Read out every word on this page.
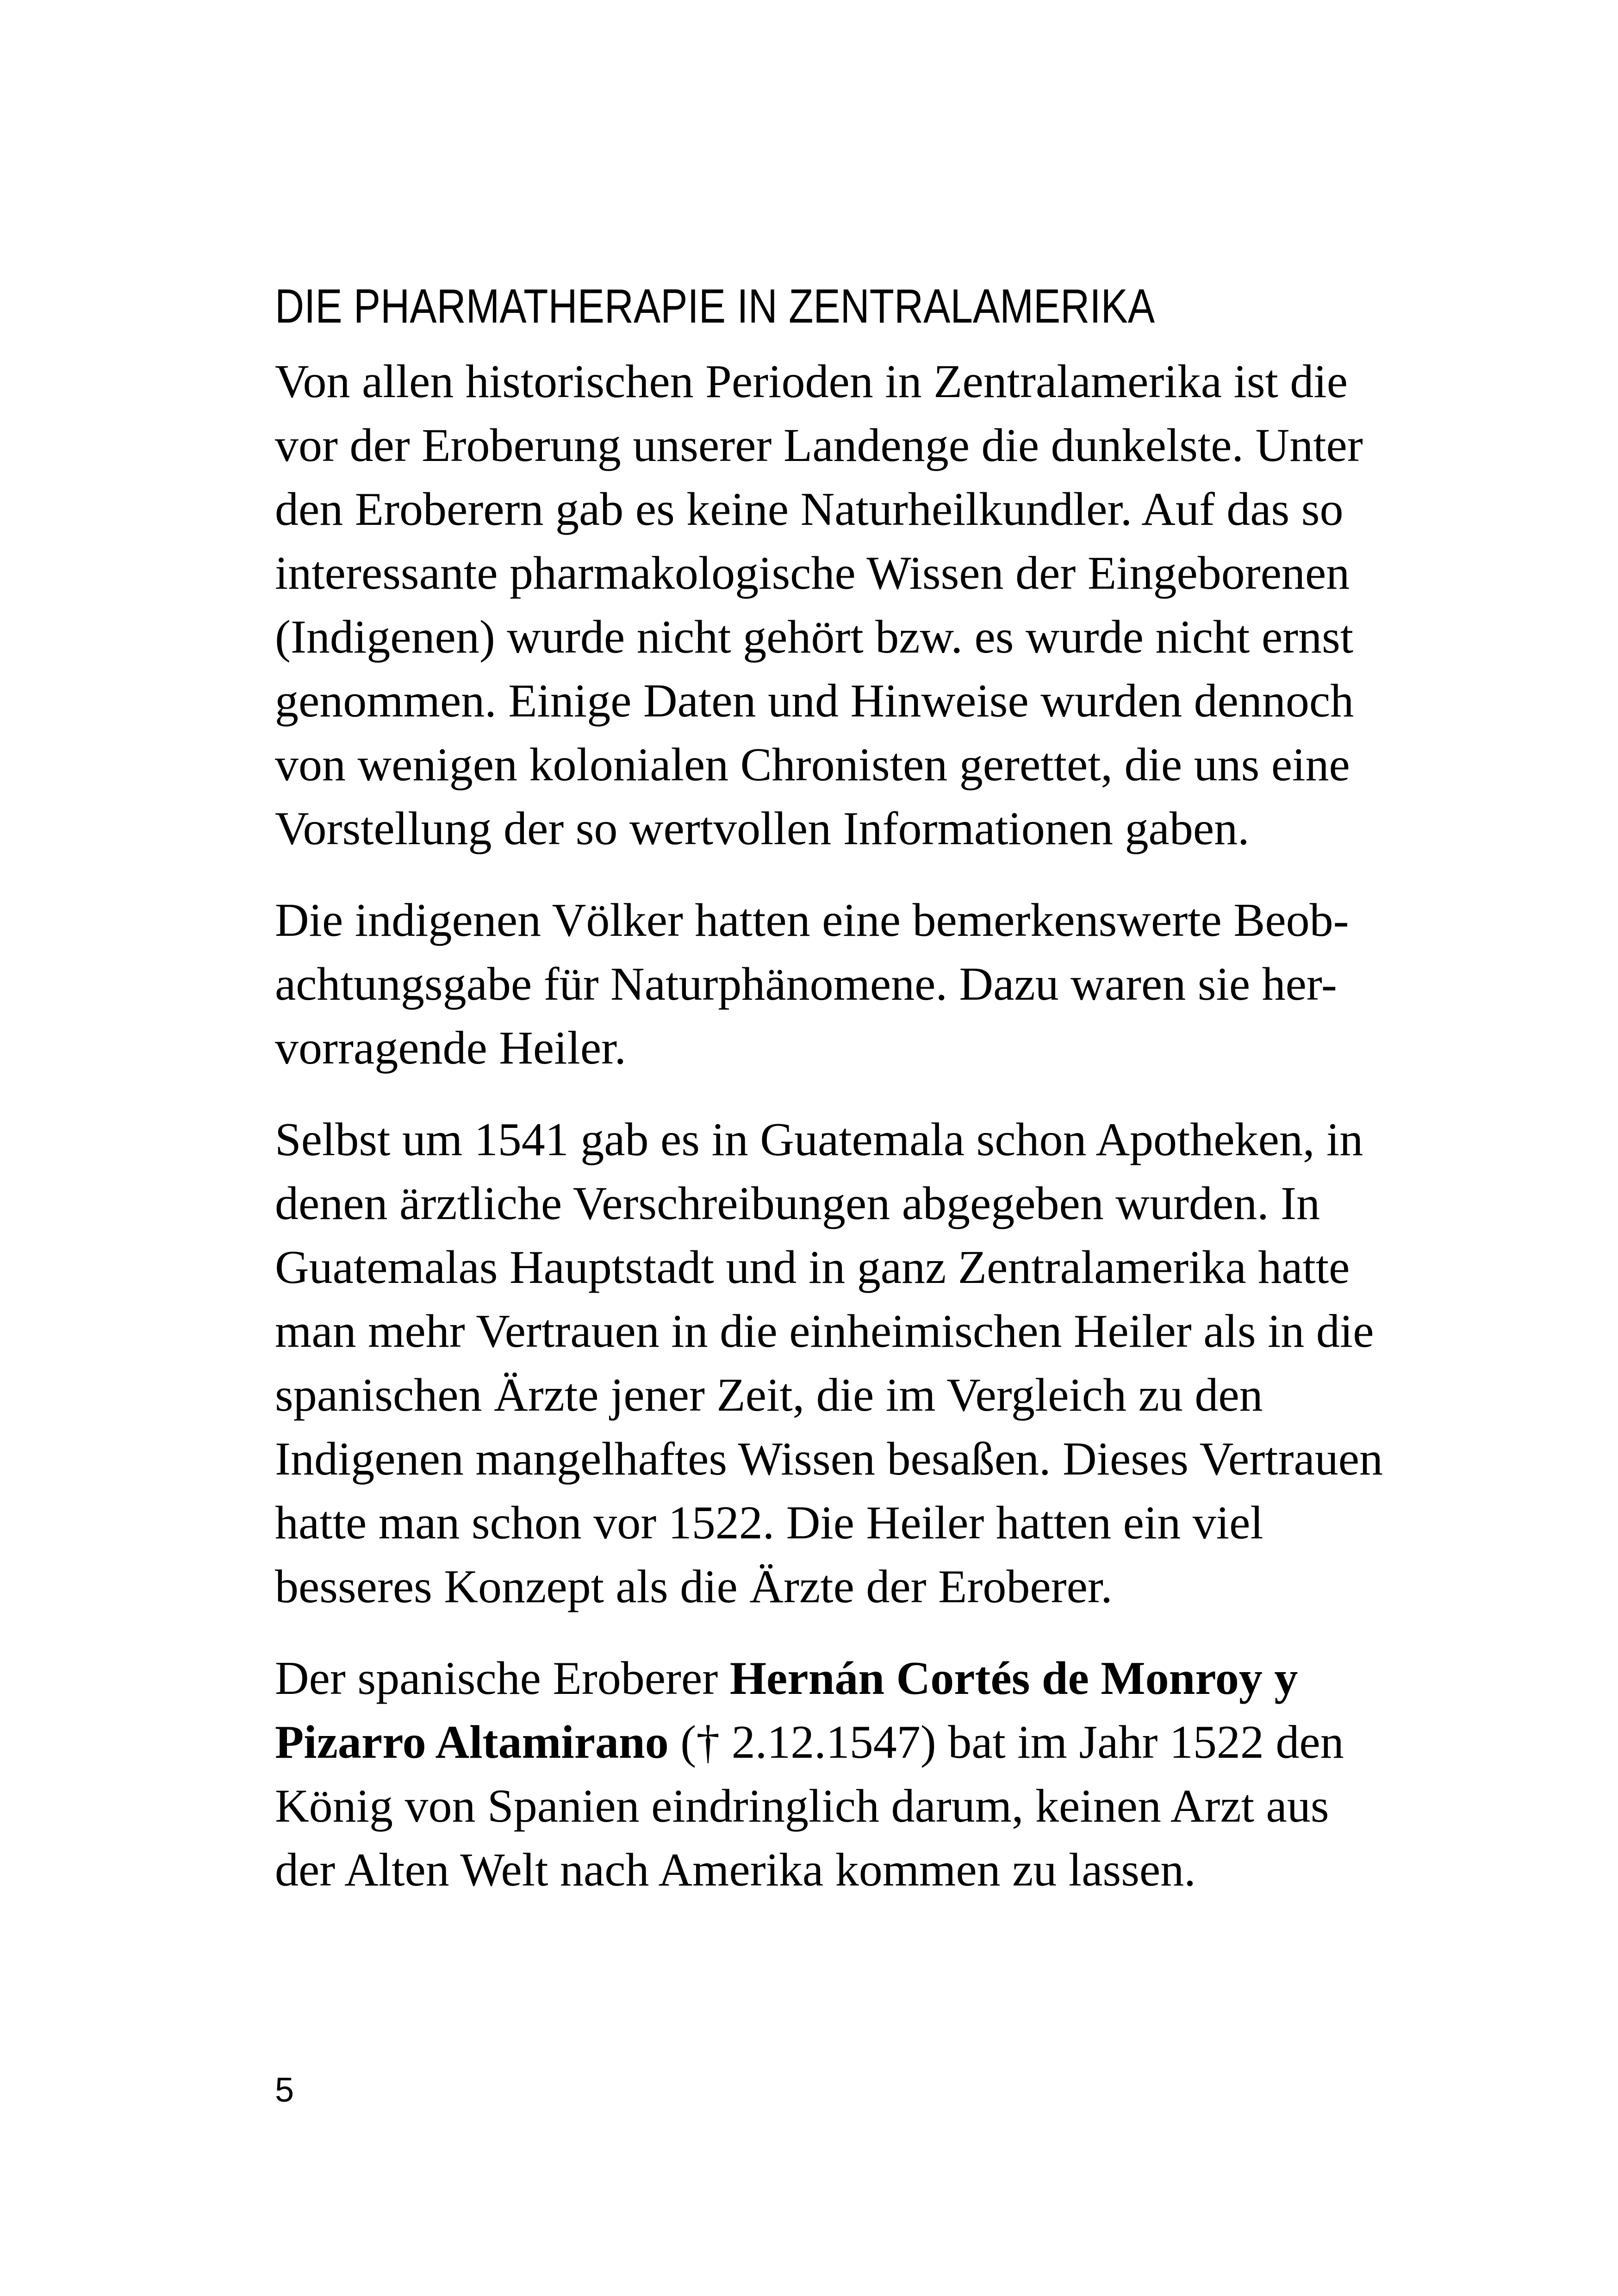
DIE PHARMATHERAPIE IN ZENTRALAMERIKA
Von allen historischen Perioden in Zentralamerika ist die
vor der Eroberung unserer Landenge die dunkelste. Unter
den Eroberern gab es keine Naturheilkundler. Auf das so
interessante pharmakologische Wissen der Eingeborenen
(Indigenen) wurde nicht gehört bzw. es wurde nicht ernst
genommen. Einige Daten und Hinweise wurden dennoch
von wenigen kolonialen Chronisten gerettet, die uns eine
Vorstellung der so wertvollen Informationen gaben.
Die indigenen Völker hatten eine bemerkenswerte Beob-
achtungsgabe für Naturphänomene. Dazu waren sie her-
vorragende Heiler.
Selbst um 1541 gab es in Guatemala schon Apotheken, in
denen ärztliche Verschreibungen abgegeben wurden. In
Guatemalas Hauptstadt und in ganz Zentralamerika hatte
man mehr Vertrauen in die einheimischen Heiler als in die
spanischen Ärzte jener Zeit, die im Vergleich zu den
Indigenen mangelhaftes Wissen besaßen. Dieses Vertrauen
hatte man schon vor 1522. Die Heiler hatten ein viel
besseres Konzept als die Ärzte der Eroberer.
Der spanische Eroberer Hernán Cortés de Monroy y
Pizarro Altamirano († 2.12.1547) bat im Jahr 1522 den
König von Spanien eindringlich darum, keinen Arzt aus
der Alten Welt nach Amerika kommen zu lassen.
5
